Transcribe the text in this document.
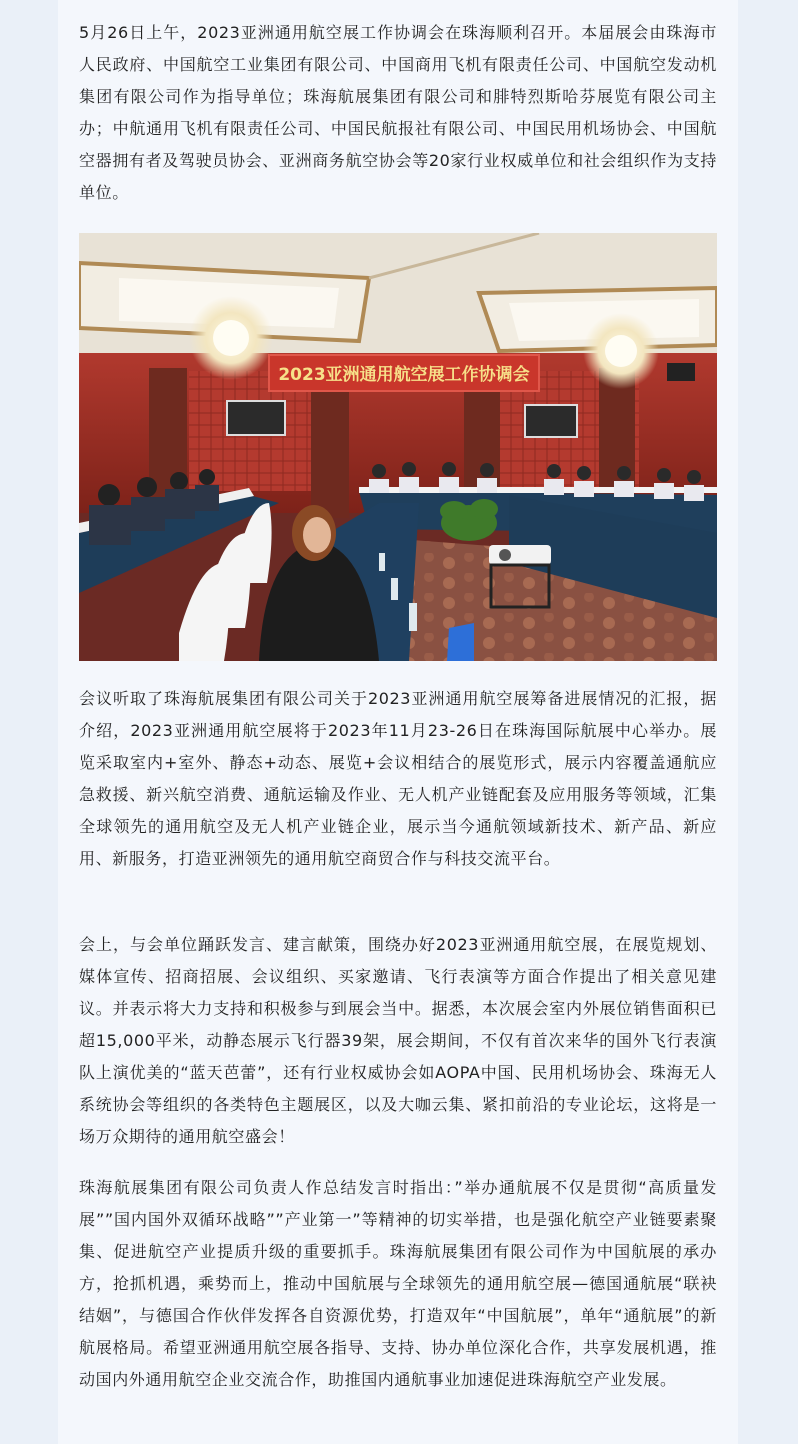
5月26日上午，2023亚洲通用航空展工作协调会在珠海顺利召开。本届展会由珠海市人民政府、中国航空工业集团有限公司、中国商用飞机有限责任公司、中国航空发动机集团有限公司作为指导单位；珠海航展集团有限公司和腓特烈斯哈芬展览有限公司主办；中航通用飞机有限责任公司、中国民航报社有限公司、中国民用机场协会、中国航空器拥有者及驾驶员协会、亚洲商务航空协会等20家行业权威单位和社会组织作为支持单位。

2023亚洲通用航空展工作协调会

会议听取了珠海航展集团有限公司关于2023亚洲通用航空展筹备进展情况的汇报，据介绍，2023亚洲通用航空展将于2023年11月23-26日在珠海国际航展中心举办。展览采取室内+室外、静态+动态、展览+会议相结合的展览形式，展示内容覆盖通航应急救援、新兴航空消费、通航运输及作业、无人机产业链配套及应用服务等领域，汇集全球领先的通用航空及无人机产业链企业，展示当今通航领域新技术、新产品、新应用、新服务，打造亚洲领先的通用航空商贸合作与科技交流平台。

会上，与会单位踊跃发言、建言献策，围绕办好2023亚洲通用航空展，在展览规划、媒体宣传、招商招展、会议组织、买家邀请、飞行表演等方面合作提出了相关意见建议。并表示将大力支持和积极参与到展会当中。据悉，本次展会室内外展位销售面积已超15,000平米，动静态展示飞行器39架，展会期间，不仅有首次来华的国外飞行表演队上演优美的“蓝天芭蕾”，还有行业权威协会如AOPA中国、民用机场协会、珠海无人系统协会等组织的各类特色主题展区，以及大咖云集、紧扣前沿的专业论坛，这将是一场万众期待的通用航空盛会！

珠海航展集团有限公司负责人作总结发言时指出：”举办通航展不仅是贯彻“高质量发展””国内国外双循环战略””产业第一”等精神的切实举措，也是强化航空产业链要素聚集、促进航空产业提质升级的重要抓手。珠海航展集团有限公司作为中国航展的承办方，抢抓机遇，乘势而上，推动中国航展与全球领先的通用航空展—德国通航展“联袂结姻”，与德国合作伙伴发挥各自资源优势，打造双年“中国航展”，单年“通航展”的新航展格局。希望亚洲通用航空展各指导、支持、协办单位深化合作，共享发展机遇，推动国内外通用航空企业交流合作，助推国内通航事业加速促进珠海航空产业发展。
